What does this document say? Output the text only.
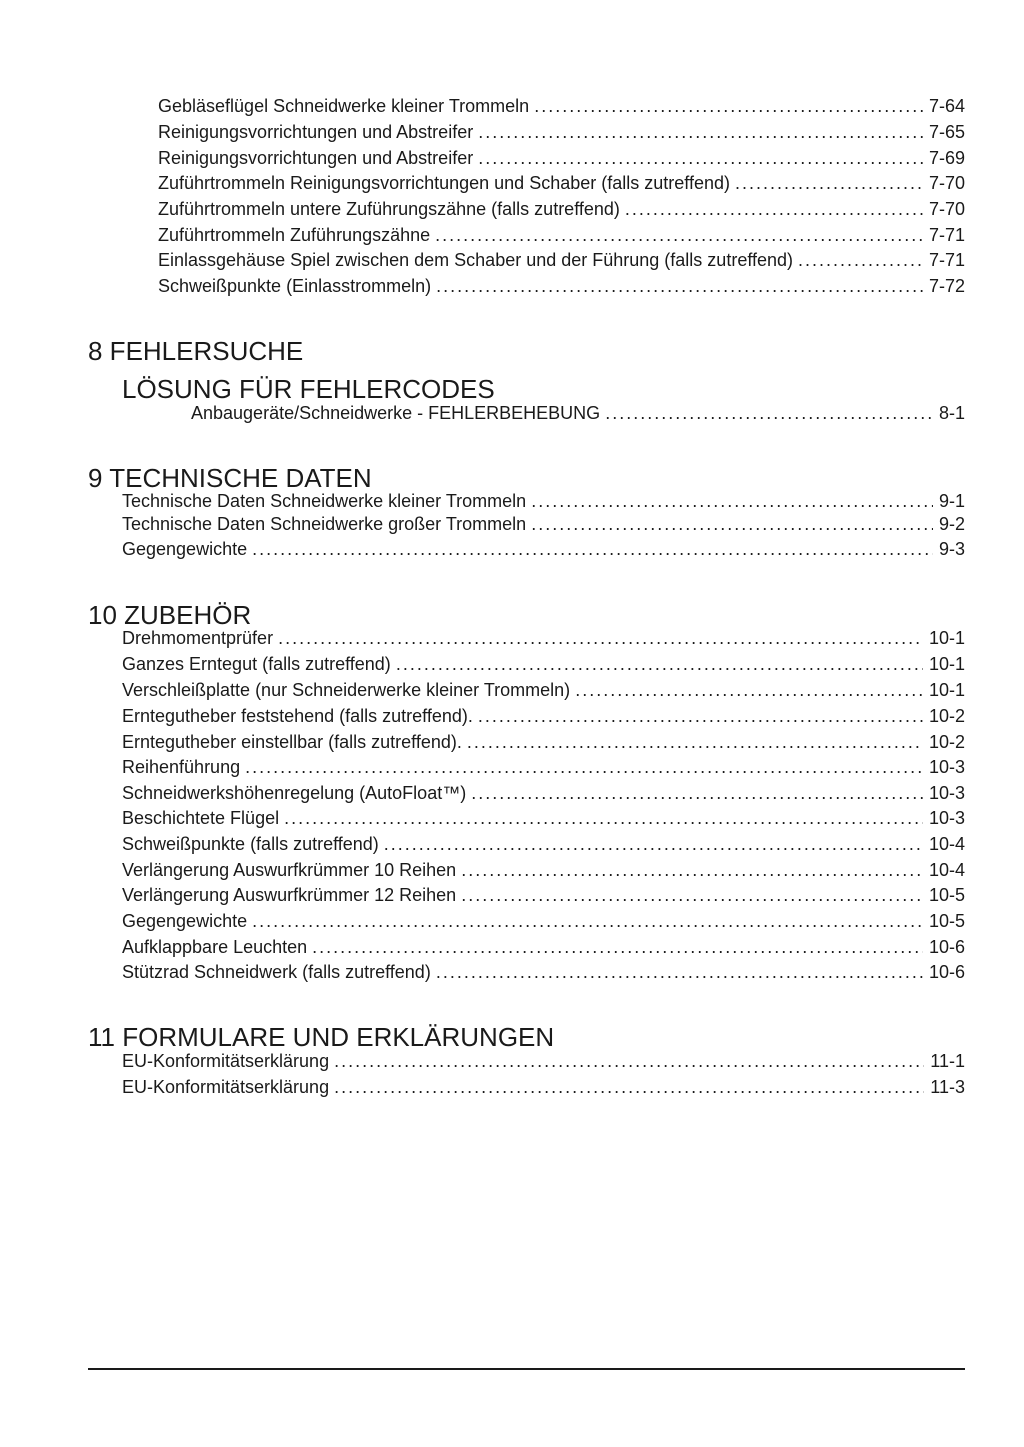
Gebläseflügel Schneidwerke kleiner Trommeln .....	7-64
Reinigungsvorrichtungen und Abstreifer .....	7-65
Reinigungsvorrichtungen und Abstreifer .....	7-69
Zuführtrommeln Reinigungsvorrichtungen und Schaber (falls zutreffend) .....	7-70
Zuführtrommeln untere Zuführungszähne (falls zutreffend) .....	7-70
Zuführtrommeln Zuführungszähne .....	7-71
Einlassgehäuse Spiel zwischen dem Schaber und der Führung (falls zutreffend) .....	7-71
Schweißpunkte (Einlasstrommeln) .....	7-72
8 FEHLERSUCHE
LÖSUNG FÜR FEHLERCODES
Anbaugeräte/Schneidwerke - FEHLERBEHEBUNG .....	8-1
9 TECHNISCHE DATEN
Technische Daten Schneidwerke kleiner Trommeln .....	9-1
Technische Daten Schneidwerke großer Trommeln .....	9-2
Gegengewichte .....	9-3
10 ZUBEHÖR
Drehmomentprüfer .....	10-1
Ganzes Erntegut (falls zutreffend) .....	10-1
Verschleißplatte (nur Schneiderwerke kleiner Trommeln) .....	10-1
Erntegutheber feststehend (falls zutreffend). .....	10-2
Erntegutheber einstellbar (falls zutreffend). .....	10-2
Reihenführung .....	10-3
Schneidwerkshöhenregelung (AutoFloat™) .....	10-3
Beschichtete Flügel .....	10-3
Schweißpunkte (falls zutreffend) .....	10-4
Verlängerung Auswurfkrümmer 10 Reihen .....	10-4
Verlängerung Auswurfkrümmer 12 Reihen .....	10-5
Gegengewichte .....	10-5
Aufklappbare Leuchten .....	10-6
Stützrad Schneidwerk (falls zutreffend) .....	10-6
11 FORMULARE UND ERKLÄRUNGEN
EU-Konformitätserklärung .....	11-1
EU-Konformitätserklärung .....	11-3
